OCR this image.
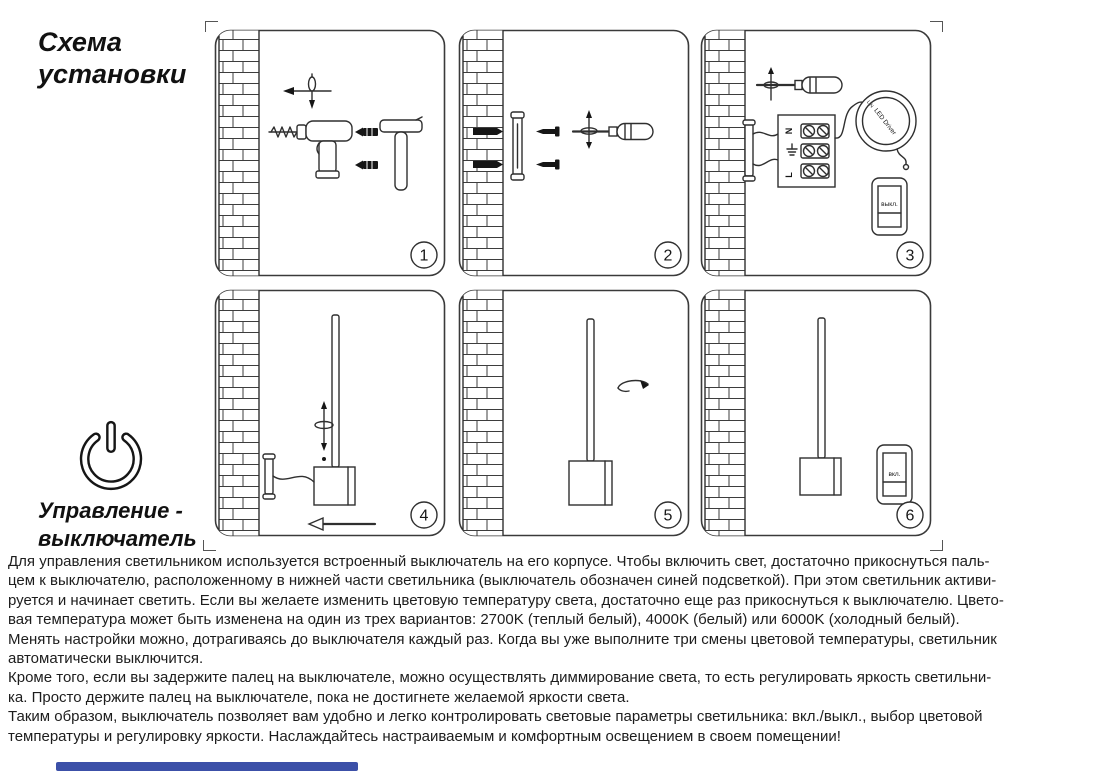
Схема установки
1	2
N
L
LED Driver
L N
выкл.
3
4	5
вкл.
6
Управление - выключатель
Для управления светильником используется встроенный выключатель на его корпусе. Чтобы включить свет, достаточно прикоснуться паль-
цем к выключателю, расположенному в нижней части светильника (выключатель обозначен синей подсветкой). При этом светильник активи-
руется и начинает светить. Если вы желаете изменить цветовую температуру света, достаточно еще раз прикоснуться к выключателю. Цвето-
вая температура может быть изменена на один из трех вариантов: 2700K (теплый белый), 4000K (белый) или 6000K (холодный белый).
Менять настройки можно, дотрагиваясь до выключателя каждый раз. Когда вы уже выполните три смены цветовой температуры, светильник
автоматически выключится.
Кроме того, если вы задержите палец на выключателе, можно осуществлять диммирование света, то есть регулировать яркость светильни-
ка. Просто держите палец на выключателе, пока не достигнете желаемой яркости света.
Таким образом, выключатель позволяет вам удобно и легко контролировать световые параметры светильника: вкл./выкл., выбор цветовой
температуры и регулировку яркости. Наслаждайтесь настраиваемым и комфортным освещением в своем помещении!
